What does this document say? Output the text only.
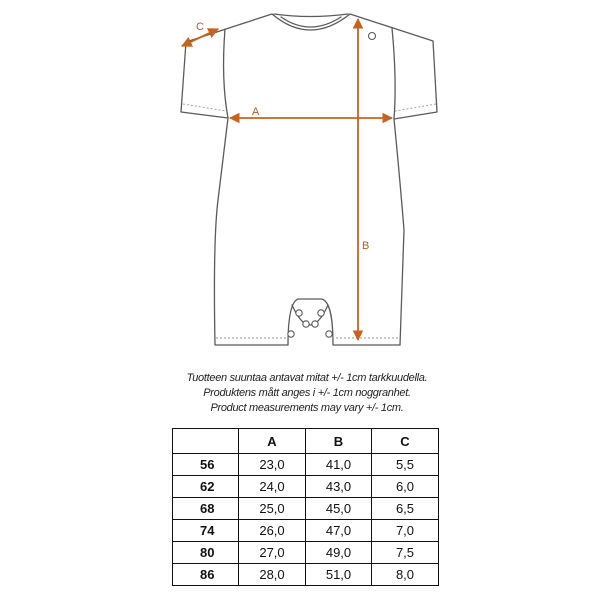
A
B
C
Tuotteen suuntaa antavat mitat +/- 1cm tarkkuudella.
Produktens mått anges i +/- 1cm noggranhet.
Product measurements may vary +/- 1cm.
	A	B	C
56	23,0	41,0	5,5
62	24,0	43,0	6,0
68	25,0	45,0	6,5
74	26,0	47,0	7,0
80	27,0	49,0	7,5
86	28,0	51,0	8,0
